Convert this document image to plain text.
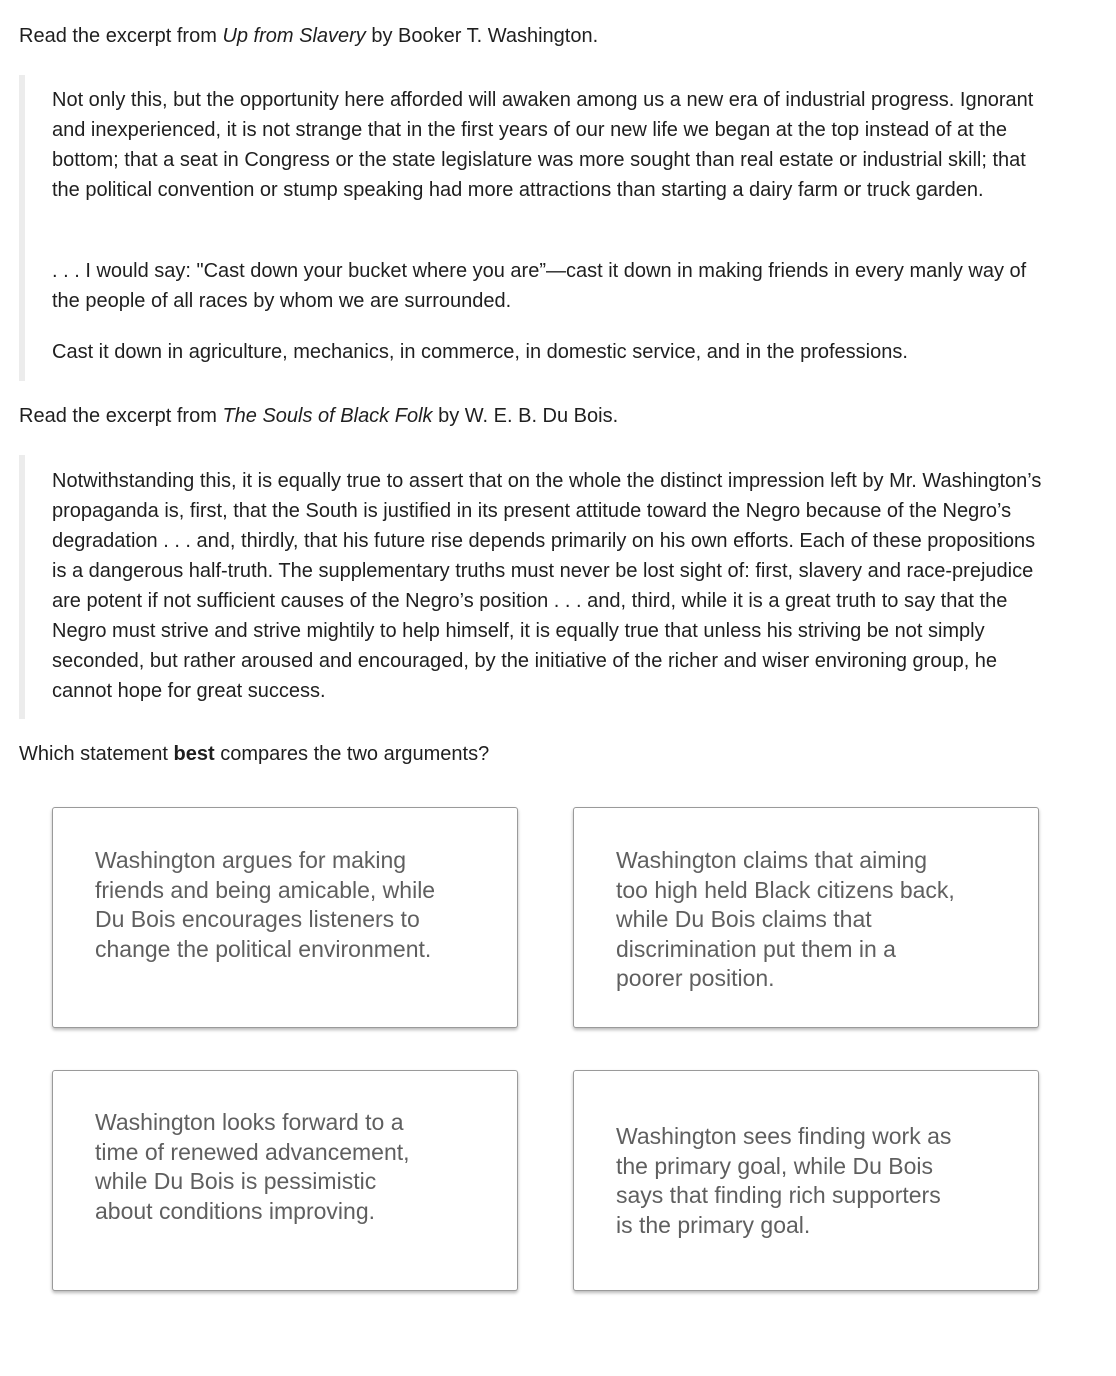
Read the excerpt from Up from Slavery by Booker T. Washington.

Not only this, but the opportunity here afforded will awaken among us a new era of industrial progress. Ignorant and inexperienced, it is not strange that in the first years of our new life we began at the top instead of at the bottom; that a seat in Congress or the state legislature was more sought than real estate or industrial skill; that the political convention or stump speaking had more attractions than starting a dairy farm or truck garden.

. . . I would say: "Cast down your bucket where you are”—cast it down in making friends in every manly way of the people of all races by whom we are surrounded.

Cast it down in agriculture, mechanics, in commerce, in domestic service, and in the professions.

Read the excerpt from The Souls of Black Folk by W. E. B. Du Bois.

Notwithstanding this, it is equally true to assert that on the whole the distinct impression left by Mr. Washington’s propaganda is, first, that the South is justified in its present attitude toward the Negro because of the Negro’s degradation . . . and, thirdly, that his future rise depends primarily on his own efforts. Each of these propositions is a dangerous half-truth. The supplementary truths must never be lost sight of: first, slavery and race-prejudice are potent if not sufficient causes of the Negro’s position . . . and, third, while it is a great truth to say that the Negro must strive and strive mightily to help himself, it is equally true that unless his striving be not simply seconded, but rather aroused and encouraged, by the initiative of the richer and wiser environing group, he cannot hope for great success.

Which statement best compares the two arguments?
Washington argues for making friends and being amicable, while Du Bois encourages listeners to change the political environment.
Washington claims that aiming too high held Black citizens back, while Du Bois claims that discrimination put them in a poorer position.
Washington looks forward to a time of renewed advancement, while Du Bois is pessimistic about conditions improving.
Washington sees finding work as the primary goal, while Du Bois says that finding rich supporters is the primary goal.
